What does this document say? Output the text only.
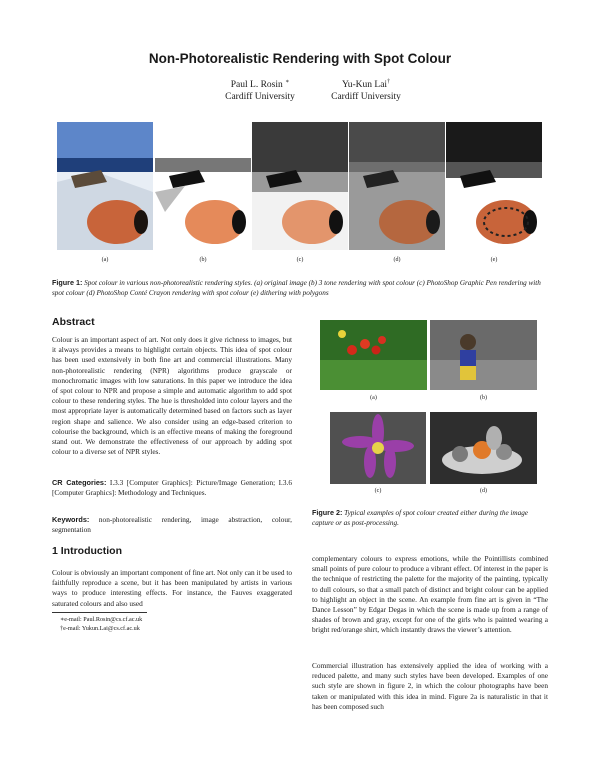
Non-Photorealistic Rendering with Spot Colour
Paul L. Rosin ∗
Cardiff University
Yu-Kun Lai†
Cardiff University
(a)	(b)	(c)	(d)	(e)
Figure 1: Spot colour in various non-photorealistic rendering styles. (a) original image (b) 3 tone rendering with spot colour (c) PhotoShop Graphic Pen rendering with spot colour (d) PhotoShop Conté Crayon rendering with spot colour (e) dithering with polygons
Abstract
Colour is an important aspect of art. Not only does it give richness to images, but it always provides a means to highlight certain objects. This idea of spot colour has been used extensively in both fine art and commercial illustrations. Many non-photorealistic rendering (NPR) algorithms produce grayscale or monochromatic images with low saturations. In this paper we introduce the idea of spot colour to NPR and propose a simple and automatic algorithm to add spot colour to these rendering styles. The hue is thresholded into colour layers and the most appropriate layer is automatically determined based on factors such as layer region shape and salience. We also consider using an edge-based criterion to colourise the background, which is an effective means of making the foreground stand out. We demonstrate the effectiveness of our approach by adding spot colour to a diverse set of NPR styles.
CR Categories: I.3.3 [Computer Graphics]: Picture/Image Generation; I.3.6 [Computer Graphics]: Methodology and Techniques.
Keywords: non-photorealistic rendering, image abstraction, colour, segmentation
1 Introduction
Colour is obviously an important component of fine art. Not only can it be used to faithfully reproduce a scene, but it has been manipulated by artists in various ways to produce interesting effects. For instance, the Fauves exaggerated saturated colours and also used
∗e-mail: Paul.Rosin@cs.cf.ac.uk
†e-mail: Yukun.Lai@cs.cf.ac.uk
(a)	(b)
(c)	(d)
Figure 2: Typical examples of spot colour created either during the image capture or as post-processing.
complementary colours to express emotions, while the Pointillists combined small points of pure colour to produce a vibrant effect. Of interest in the paper is the technique of restricting the palette for the majority of the painting, typically to dull colours, so that a small patch of distinct and bright colour can be applied to highlight an object in the scene. An example from fine art is given in “The Dance Lesson” by Edgar Degas in which the scene is made up from a range of shades of brown and gray, except for one of the girls who is painted wearing a bright red/orange shirt, which instantly draws the viewer’s attention.
Commercial illustration has extensively applied the idea of working with a reduced palette, and many such styles have been developed. Examples of one such style are shown in figure 2, in which the colour photographs have been taken or manipulated with this idea in mind. Figure 2a is naturalistic in that it has been composed such
